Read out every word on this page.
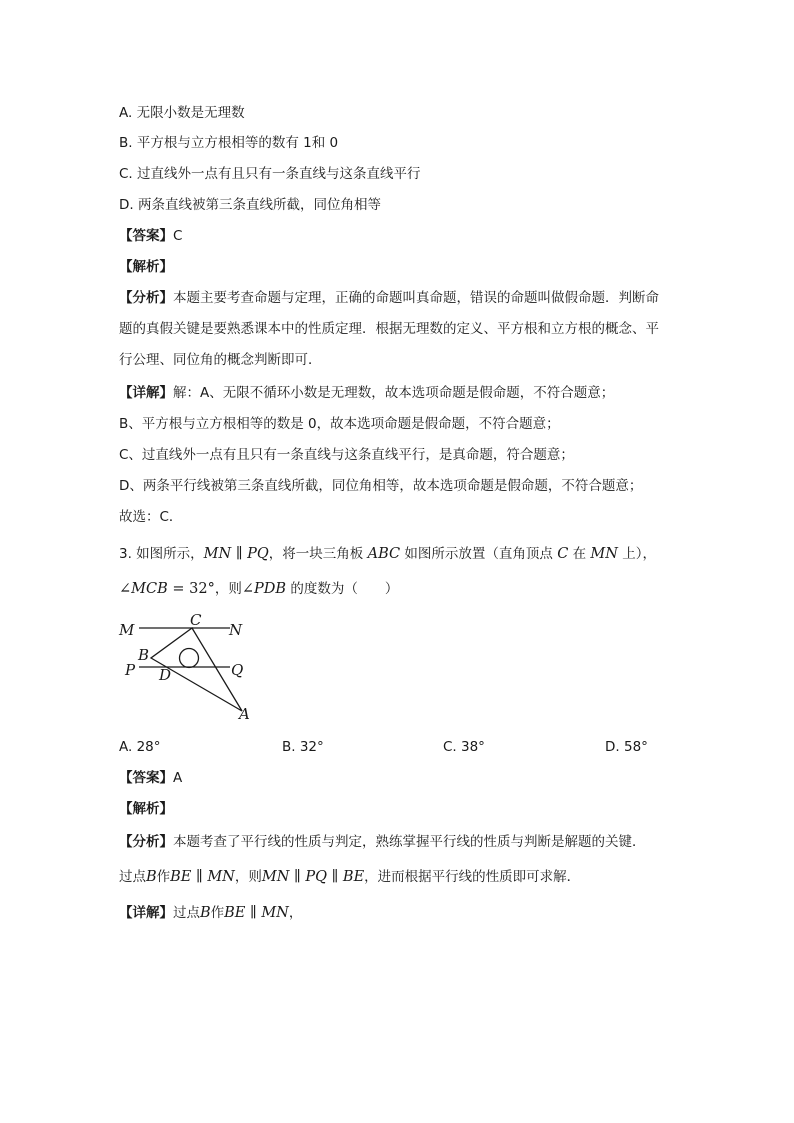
A. 无限小数是无理数
B. 平方根与立方根相等的数有 1和 0
C. 过直线外一点有且只有一条直线与这条直线平行
D. 两条直线被第三条直线所截，同位角相等
【答案】C
【解析】
【分析】本题主要考查命题与定理，正确的命题叫真命题，错误的命题叫做假命题．判断命
题的真假关键是要熟悉课本中的性质定理．根据无理数的定义、平方根和立方根的概念、平
行公理、同位角的概念判断即可．
【详解】解：A、无限不循环小数是无理数，故本选项命题是假命题，不符合题意；
B、平方根与立方根相等的数是 0，故本选项命题是假命题，不符合题意；
C、过直线外一点有且只有一条直线与这条直线平行，是真命题，符合题意；
D、两条平行线被第三条直线所截，同位角相等，故本选项命题是假命题，不符合题意；
故选：C．
3. 如图所示，MN ∥ PQ，将一块三角板 ABC 如图所示放置（直角顶点 C 在 MN 上），
∠MCB = 32°，则∠PDB 的度数为（　　）
M
C
N
B
P D	Q
A
A. 28°	B. 32°	C. 38°	D. 58°
【答案】A
【解析】
【分析】本题考查了平行线的性质与判定，熟练掌握平行线的性质与判断是解题的关键．
过点B作BE ∥ MN，则MN ∥ PQ ∥ BE，进而根据平行线的性质即可求解．
【详解】过点B作BE ∥ MN，
